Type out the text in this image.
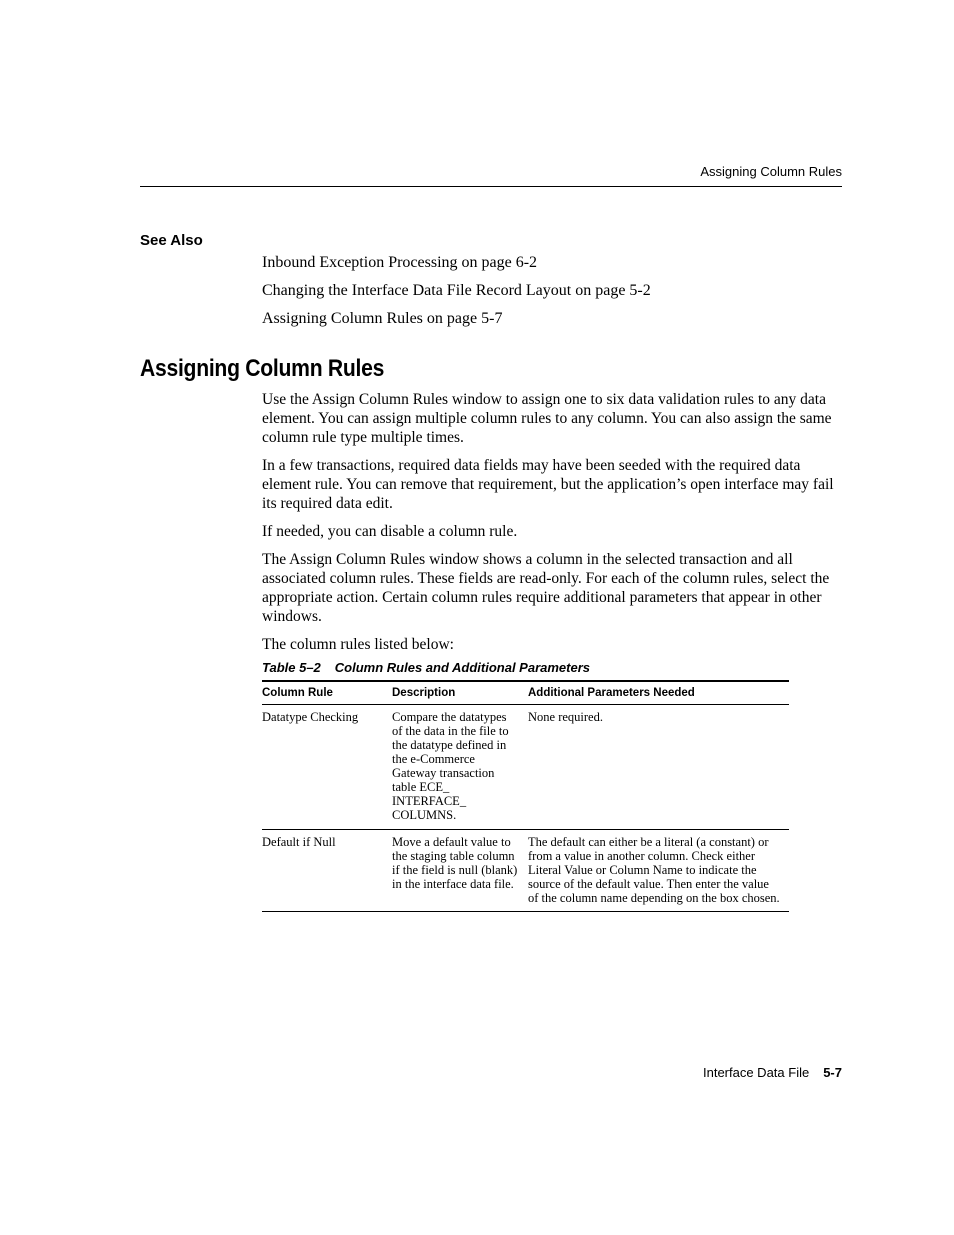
Assigning Column Rules
See Also
Inbound Exception Processing on page 6-2
Changing the Interface Data File Record Layout on page 5-2
Assigning Column Rules on page 5-7
Assigning Column Rules

Use the Assign Column Rules window to assign one to six data validation rules to any data element. You can assign multiple column rules to any column. You can also assign the same column rule type multiple times.

In a few transactions, required data fields may have been seeded with the required data element rule. You can remove that requirement, but the application’s open interface may fail its required data edit.

If needed, you can disable a column rule.

The Assign Column Rules window shows a column in the selected transaction and all associated column rules. These fields are read-only. For each of the column rules, select the appropriate action. Certain column rules require additional parameters that appear in other windows.

The column rules listed below:

Table 5–2 Column Rules and Additional Parameters
Column Rule	Description	Additional Parameters Needed
Datatype Checking	Compare the datatypes of the data in the file to the datatype defined in the e-Commerce Gateway transaction table ECE_ INTERFACE_ COLUMNS.	None required.
Default if Null	Move a default value to the staging table column if the field is null (blank) in the interface data file.	The default can either be a literal (a constant) or from a value in another column. Check either Literal Value or Column Name to indicate the source of the default value. Then enter the value of the column name depending on the box chosen.
Interface Data File 5-7
